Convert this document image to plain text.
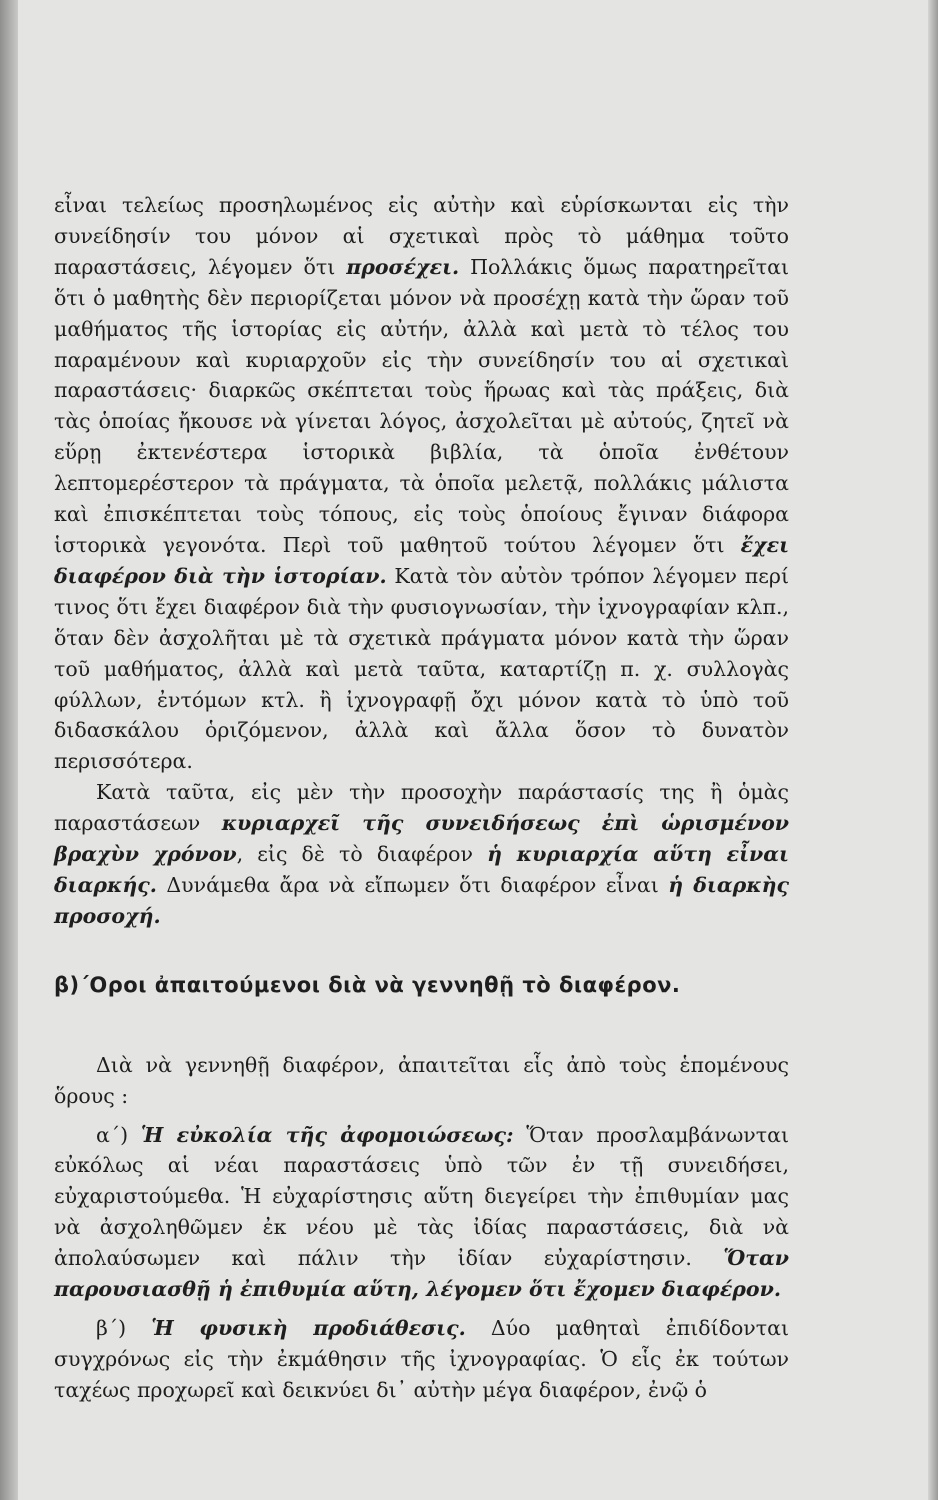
εἶναι τελείως προσηλωμένος εἰς αὐτὴν καὶ εὑρίσκωνται εἰς τὴν συνείδησίν του μόνον αἱ σχετικαὶ πρὸς τὸ μάθημα τοῦτο παραστάσεις, λέγομεν ὅτι προσέχει. Πολλάκις ὅμως παρατηρεῖται ὅτι ὁ μαθητὴς δὲν περιορίζεται μόνον νὰ προσέχῃ κατὰ τὴν ὥραν τοῦ μαθήματος τῆς ἱστορίας εἰς αὐτήν, ἀλλὰ καὶ μετὰ τὸ τέλος του παραμένουν καὶ κυριαρχοῦν εἰς τὴν συνείδησίν του αἱ σχετικαὶ παραστάσεις· διαρκῶς σκέπτεται τοὺς ἥρωας καὶ τὰς πράξεις, διὰ τὰς ὁποίας ἤκουσε νὰ γίνεται λόγος, ἀσχολεῖται μὲ αὐτούς, ζητεῖ νὰ εὕρῃ ἐκτενέστερα ἱστορικὰ βιβλία, τὰ ὁποῖα ἐνθέτουν λεπτομερέστερον τὰ πράγματα, τὰ ὁποῖα μελετᾷ, πολλάκις μάλιστα καὶ ἐπισκέπτεται τοὺς τόπους, εἰς τοὺς ὁποίους ἔγιναν διάφορα ἱστορικὰ γεγονότα. Περὶ τοῦ μαθητοῦ τούτου λέγομεν ὅτι ἔχει διαφέρον διὰ τὴν ἱστορίαν. Κατὰ τὸν αὐτὸν τρόπον λέγομεν περί τινος ὅτι ἔχει διαφέρον διὰ τὴν φυσιογνωσίαν, τὴν ἰχνογραφίαν κλπ., ὅταν δὲν ἀσχολῆται μὲ τὰ σχετικὰ πράγματα μόνον κατὰ τὴν ὥραν τοῦ μαθήματος, ἀλλὰ καὶ μετὰ ταῦτα, καταρτίζῃ π. χ. συλλογὰς φύλλων, ἐντόμων κτλ. ἢ ἰχνογραφῇ ὄχι μόνον κατὰ τὸ ὑπὸ τοῦ διδασκάλου ὁριζόμενον, ἀλλὰ καὶ ἄλλα ὅσον τὸ δυνατὸν περισσότερα.

Κατὰ ταῦτα, εἰς μὲν τὴν προσοχὴν παράστασίς της ἢ ὁμὰς παραστάσεων κυριαρχεῖ τῆς συνειδήσεως ἐπὶ ὡρισμένον βραχὺν χρόνον, εἰς δὲ τὸ διαφέρον ἡ κυριαρχία αὕτη εἶναι διαρκής. Δυνάμεθα ἄρα νὰ εἴπωμεν ὅτι διαφέρον εἶναι ἡ διαρκὴς προσοχή.

β)΄Οροι ἀπαιτούμενοι διὰ νὰ γεννηθῇ τὸ διαφέρον.

Διὰ νὰ γεννηθῇ διαφέρον, ἀπαιτεῖται εἷς ἀπὸ τοὺς ἑπομένους ὅρους :

α΄) Ἡ εὐκολία τῆς ἀφομοιώσεως: Ὅταν προσλαμβάνωνται εὐκόλως αἱ νέαι παραστάσεις ὑπὸ τῶν ἐν τῇ συνειδήσει, εὐχαριστούμεθα. Ἡ εὐχαρίστησις αὕτη διεγείρει τὴν ἐπιθυμίαν μας νὰ ἀσχοληθῶμεν ἐκ νέου μὲ τὰς ἰδίας παραστάσεις, διὰ νὰ ἀπολαύσωμεν καὶ πάλιν τὴν ἰδίαν εὐχαρίστησιν. Ὅταν παρουσιασθῇ ἡ ἐπιθυμία αὕτη, λέγομεν ὅτι ἔχομεν διαφέρον.

β΄) Ἡ φυσικὴ προδιάθεσις. Δύο μαθηταὶ ἐπιδίδονται συγχρόνως εἰς τὴν ἐκμάθησιν τῆς ἰχνογραφίας. Ὁ εἷς ἐκ τούτων ταχέως προχωρεῖ καὶ δεικνύει δι᾽ αὐτὴν μέγα διαφέρον, ἐνῷ ὁ
